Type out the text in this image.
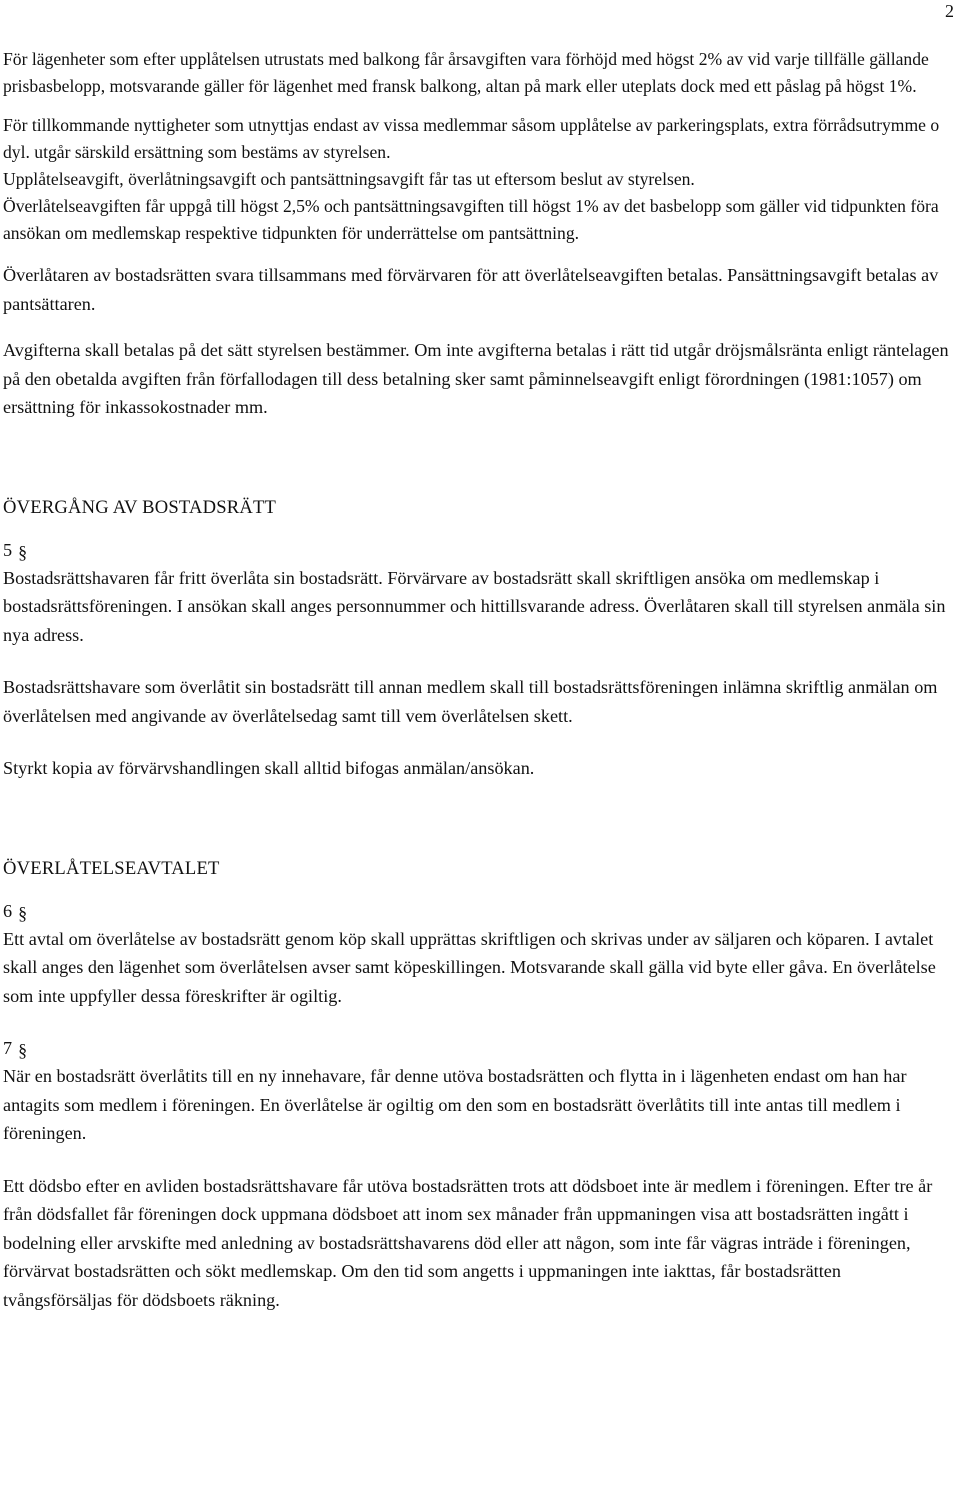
2

För lägenheter som efter upplåtelsen utrustats med balkong får årsavgiften vara förhöjd med högst 2% av vid varje tillfälle gällande prisbasbelopp, motsvarande gäller för lägenhet med fransk balkong, altan på mark eller uteplats dock med ett påslag på högst 1%.

För tillkommande nyttigheter som utnyttjas endast av vissa medlemmar såsom upplåtelse av parkeringsplats, extra förrådsutrymme o dyl. utgår särskild ersättning som bestäms av styrelsen.

Upplåtelseavgift, överlåtningsavgift och pantsättningsavgift får tas ut eftersom beslut av styrelsen.

Överlåtelseavgiften får uppgå till högst 2,5% och pantsättningsavgiften till högst 1% av det basbelopp som gäller vid tidpunkten föra ansökan om medlemskap respektive tidpunkten för underrättelse om pantsättning.

Överlåtaren av bostadsrätten svara tillsammans med förvärvaren för att överlåtelseavgiften betalas. Pansättningsavgift betalas av pantsättaren.

Avgifterna skall betalas på det sätt styrelsen bestämmer. Om inte avgifterna betalas i rätt tid utgår dröjsmålsränta enligt räntelagen på den obetalda avgiften från förfallodagen till dess betalning sker samt påminnelseavgift enligt förordningen (1981:1057) om ersättning för inkassokostnader mm.

ÖVERGÅNG AV BOSTADSRÄTT

5 §

Bostadsrättshavaren får fritt överlåta sin bostadsrätt. Förvärvare av bostadsrätt skall skriftligen ansöka om medlemskap i bostadsrättsföreningen. I ansökan skall anges personnummer och hittillsvarande adress. Överlåtaren skall till styrelsen anmäla sin nya adress.

Bostadsrättshavare som överlåtit sin bostadsrätt till annan medlem skall till bostadsrättsföreningen inlämna skriftlig anmälan om överlåtelsen med angivande av överlåtelsedag samt till vem överlåtelsen skett.

Styrkt kopia av förvärvshandlingen skall alltid bifogas anmälan/ansökan.

ÖVERLÅTELSEAVTALET

6 §

Ett avtal om överlåtelse av bostadsrätt genom köp skall upprättas skriftligen och skrivas under av säljaren och köparen. I avtalet skall anges den lägenhet som överlåtelsen avser samt köpeskillingen. Motsvarande skall gälla vid byte eller gåva. En överlåtelse som inte uppfyller dessa föreskrifter är ogiltig.

7 §

När en bostadsrätt överlåtits till en ny innehavare, får denne utöva bostadsrätten och flytta in i lägenheten endast om han har antagits som medlem i föreningen. En överlåtelse är ogiltig om den som en bostadsrätt överlåtits till inte antas till medlem i föreningen.

Ett dödsbo efter en avliden bostadsrättshavare får utöva bostadsrätten trots att dödsboet inte är medlem i föreningen. Efter tre år från dödsfallet får föreningen dock uppmana dödsboet att inom sex månader från uppmaningen visa att bostadsrätten ingått i bodelning eller arvskifte med anledning av bostadsrättshavarens död eller att någon, som inte får vägras inträde i föreningen, förvärvat bostadsrätten och sökt medlemskap. Om den tid som angetts i uppmaningen inte iakttas, får bostadsrätten tvångsförsäljas för dödsboets räkning.
